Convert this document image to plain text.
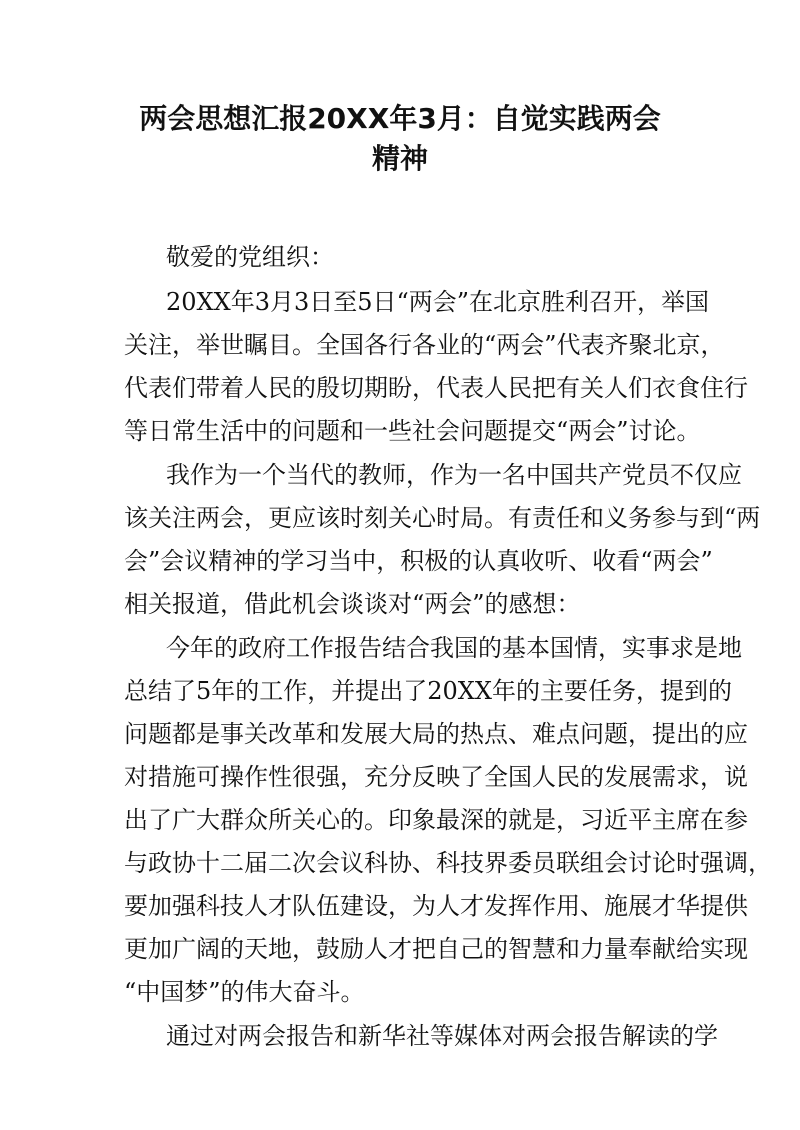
两会思想汇报20XX年3月：自觉实践两会
精神
敬爱的党组织：
20XX年3月3日至5日“两会”在北京胜利召开，举国
关注，举世瞩目。全国各行各业的“两会”代表齐聚北京，
代表们带着人民的殷切期盼，代表人民把有关人们衣食住行
等日常生活中的问题和一些社会问题提交“两会”讨论。
我作为一个当代的教师，作为一名中国共产党员不仅应
该关注两会，更应该时刻关心时局。有责任和义务参与到“两
会”会议精神的学习当中，积极的认真收听、收看“两会”
相关报道，借此机会谈谈对“两会”的感想：
今年的政府工作报告结合我国的基本国情，实事求是地
总结了5年的工作，并提出了20XX年的主要任务，提到的
问题都是事关改革和发展大局的热点、难点问题，提出的应
对措施可操作性很强，充分反映了全国人民的发展需求，说
出了广大群众所关心的。印象最深的就是，习近平主席在参
与政协十二届二次会议科协、科技界委员联组会讨论时强调，
要加强科技人才队伍建设，为人才发挥作用、施展才华提供
更加广阔的天地，鼓励人才把自己的智慧和力量奉献给实现
“中国梦”的伟大奋斗。
通过对两会报告和新华社等媒体对两会报告解读的学
